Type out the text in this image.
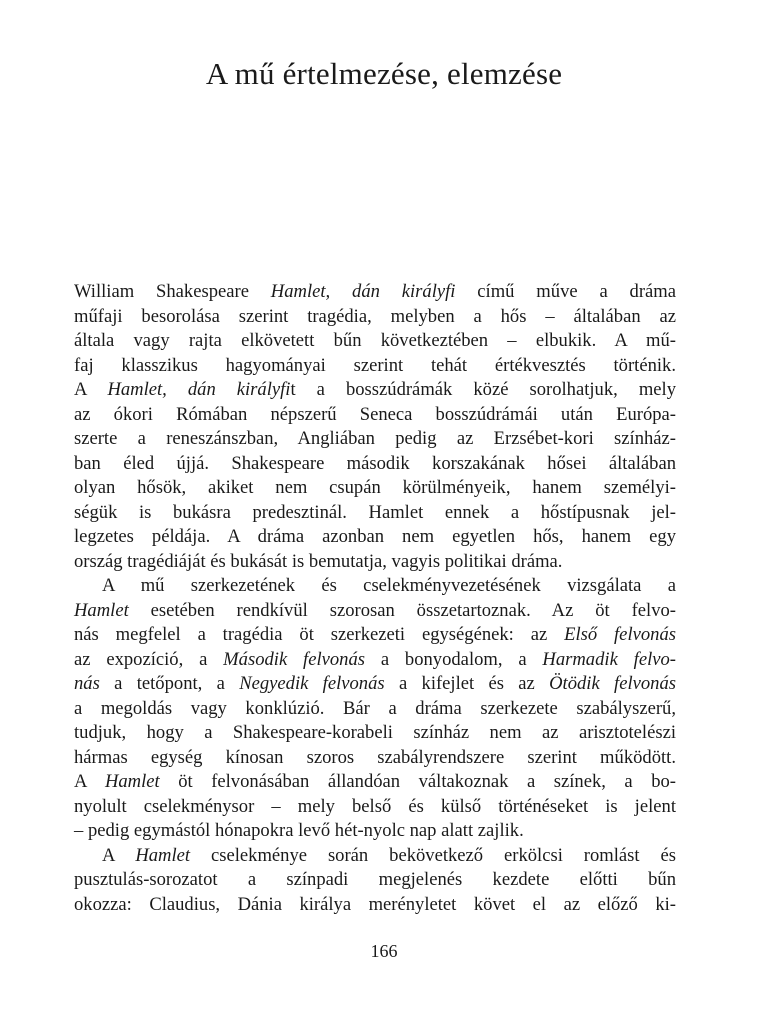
A mű értelmezése, elemzése
William Shakespeare Hamlet, dán királyfi című műve a dráma
műfaji besorolása szerint tragédia, melyben a hős – általában az
általa vagy rajta elkövetett bűn következtében – elbukik. A mű-
faj klasszikus hagyományai szerint tehát értékvesztés történik.
A Hamlet, dán királyfit a bosszúdrámák közé sorolhatjuk, mely
az ókori Rómában népszerű Seneca bosszúdrámái után Európa-
szerte a reneszánszban, Angliában pedig az Erzsébet-kori színház-
ban éled újjá. Shakespeare második korszakának hősei általában
olyan hősök, akiket nem csupán körülményeik, hanem személyi-
ségük is bukásra predesztinál. Hamlet ennek a hőstípusnak jel-
legzetes példája. A dráma azonban nem egyetlen hős, hanem egy
ország tragédiáját és bukását is bemutatja, vagyis politikai dráma.
A mű szerkezetének és cselekményvezetésének vizsgálata a
Hamlet esetében rendkívül szorosan összetartoznak. Az öt felvo-
nás megfelel a tragédia öt szerkezeti egységének: az Első felvonás
az expozíció, a Második felvonás a bonyodalom, a Harmadik felvo-
nás a tetőpont, a Negyedik felvonás a kifejlet és az Ötödik felvonás
a megoldás vagy konklúzió. Bár a dráma szerkezete szabályszerű,
tudjuk, hogy a Shakespeare-korabeli színház nem az arisztotelészi
hármas egység kínosan szoros szabályrendszere szerint működött.
A Hamlet öt felvonásában állandóan váltakoznak a színek, a bo-
nyolult cselekménysor – mely belső és külső történéseket is jelent
– pedig egymástól hónapokra levő hét-nyolc nap alatt zajlik.
A Hamlet cselekménye során bekövetkező erkölcsi romlást és
pusztulás-sorozatot a színpadi megjelenés kezdete előtti bűn
okozza: Claudius, Dánia királya merényletet követ el az előző ki-
166
